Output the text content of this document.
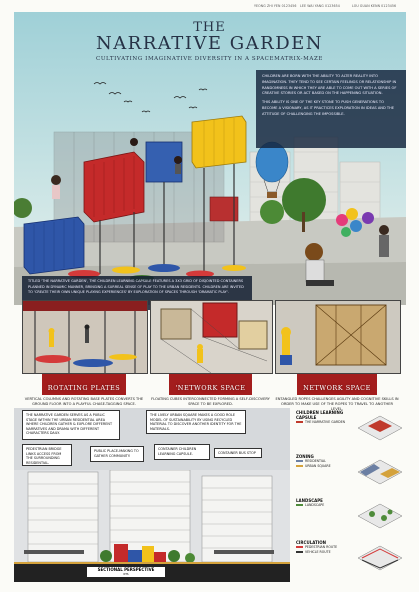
YEONG ZHI YEN 0123456 LEE WAI YANG 0123654	LOU GUAN KENN 0123456
THE
NARRATIVE GARDEN
CULTIVATING IMAGINATIVE DIVERSITY IN A SPACEMATRIX-MAZE

CHILDREN ARE BORN WITH THE ABILITY TO ALTER REALITY INTO IMAGINATION. THEY TEND TO SEE CERTAIN FEELINGS OR RELATIONSHIP IN RANDOMNESS IN WHICH THEY ARE ABLE TO COME OUT WITH A SERIES OF CREATIVE STORIES OR ACT BASED ON THE HAPPENING SITUATION.

THIS ABILITY IS ONE OF THE KEY STONE TO PUSH GENERATIONS TO BECOME A VISIONARY, AS IT PRACTICES EXPLORATION IN IDEAS AND THE ATTITUDE OF CHALLENGING THE IMPOSSIBLE.

TITLED 'THE NARRATIVE GARDEN', THE CHILDREN LEARNING CAPSULE FEATURES A 3X3 GRID OF DISJOINTED CONTAINERS PLANNED IN DYNAMIC MANNER, BRINGING A SURREAL SENSE OF PLAY TO THE URBAN RESIDENTS. CHILDREN ARE INVITED TO 'CREATE THEIR OWN UNIQUE PLAYING EXPERIENCES' BY EXPLORATION OF SPACES THROUGH 'DRAMATIC PLAY'.
ROTATING PLATES
VERTICAL COLUMNS AND ROTATING BASE PLATES CONVERTS THE GROUND FLOOR INTO A PLAYFUL CHASE-TAGGING SPACE.
'NETWORK SPACE
FLOATING CUBES INTERCONNECTED FORMING A SELF-DISCOVERY SPACE TO BE EXPLORED.
NETWORK SPACE
ENTANGLED ROPES CHALLENGES AGILITY AND COGNITIVE SKILLS IN ORDER TO MAKE USE OF THE ROPES TO TRAVEL TO ANOTHER LEVEL.
THE NARRATIVE GARDEN SERVES AS A PUBLIC STAGE WITHIN THE URBAN RESIDENTIAL AREA WHERE CHILDREN GATHER & EXPLORE DIFFERENT NARRATIVES AND DRAMA WITH DIFFERENT CHARACTERS DAILY.
THE LIVELY URBAN SQUARE MAKES A GOOD ROLE MODEL OF SUSTAINABILITY BY USING RECYCLED MATERIAL TO DISCOVER ANOTHER IDENTITY FOR THE MATERIALS.
PEDESTRIAN BRIDGE LINKS ACCESS FROM THE SURROUNDING RESIDENTIAL.
PUBLIC PLACE-MAKING TO GATHER COMMUNITY.
CONTAINER CHILDREN LEARNING CAPSULE.	CONTAINER BUS STOP
SECTIONAL PERSPECTIVE
NTS
CHILDREN LEARNING CAPSULE
THE NARRATIVE GARDEN
ZONING
RESIDENTIAL
URBAN SQUARE
LANDSCAPE
LANDSCAPE
CIRCULATION
PEDESTRIAN ROUTE
VEHICLE ROUTE
